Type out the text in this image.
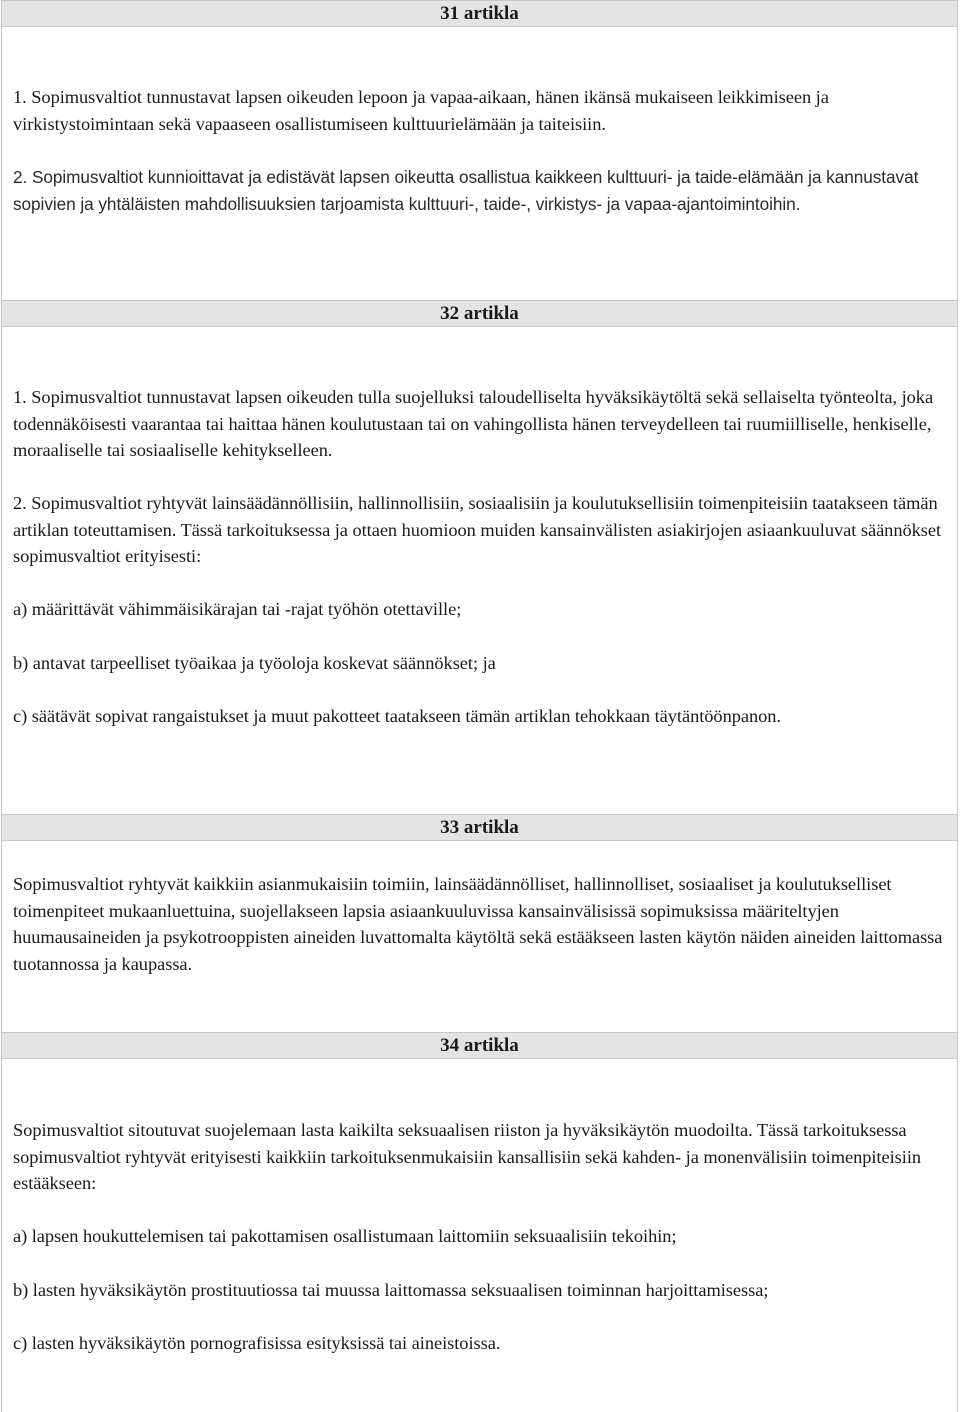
31 artikla

1. Sopimusvaltiot tunnustavat lapsen oikeuden lepoon ja vapaa-aikaan, hänen ikänsä mukaiseen leikkimiseen ja virkistystoimintaan sekä vapaaseen osallistumiseen kulttuurielämään ja taiteisiin.

2. Sopimusvaltiot kunnioittavat ja edistävät lapsen oikeutta osallistua kaikkeen kulttuuri- ja taide-elämään ja kannustavat sopivien ja yhtäläisten mahdollisuuksien tarjoamista kulttuuri-, taide-, virkistys- ja vapaa-ajantoimintoihin.

32 artikla

1. Sopimusvaltiot tunnustavat lapsen oikeuden tulla suojelluksi taloudelliselta hyväksikäytöltä sekä sellaiselta työnteolta, joka todennäköisesti vaarantaa tai haittaa hänen koulutustaan tai on vahingollista hänen terveydelleen tai ruumiilliselle, henkiselle, moraaliselle tai sosiaaliselle kehitykselleen.

2. Sopimusvaltiot ryhtyvät lainsäädännöllisiin, hallinnollisiin, sosiaalisiin ja koulutuksellisiin toimenpiteisiin taatakseen tämän artiklan toteuttamisen. Tässä tarkoituksessa ja ottaen huomioon muiden kansainvälisten asiakirjojen asiaankuuluvat säännökset sopimusvaltiot erityisesti:

a) määrittävät vähimmäisikärajan tai -rajat työhön otettaville;

b) antavat tarpeelliset työaikaa ja työoloja koskevat säännökset; ja

c) säätävät sopivat rangaistukset ja muut pakotteet taatakseen tämän artiklan tehokkaan täytäntöönpanon.

33 artikla

Sopimusvaltiot ryhtyvät kaikkiin asianmukaisiin toimiin, lainsäädännölliset, hallinnolliset, sosiaaliset ja koulutukselliset toimenpiteet mukaanluettuina, suojellakseen lapsia asiaankuuluvissa kansainvälisissä sopimuksissa määriteltyjen huumausaineiden ja psykotrooppisten aineiden luvattomalta käytöltä sekä estääkseen lasten käytön näiden aineiden laittomassa tuotannossa ja kaupassa.

34 artikla

Sopimusvaltiot sitoutuvat suojelemaan lasta kaikilta seksuaalisen riiston ja hyväksikäytön muodoilta. Tässä tarkoituksessa sopimusvaltiot ryhtyvät erityisesti kaikkiin tarkoituksenmukaisiin kansallisiin sekä kahden- ja monenvälisiin toimenpiteisiin estääkseen:

a) lapsen houkuttelemisen tai pakottamisen osallistumaan laittomiin seksuaalisiin tekoihin;

b) lasten hyväksikäytön prostituutiossa tai muussa laittomassa seksuaalisen toiminnan harjoittamisessa;

c) lasten hyväksikäytön pornografisissa esityksissä tai aineistoissa.
